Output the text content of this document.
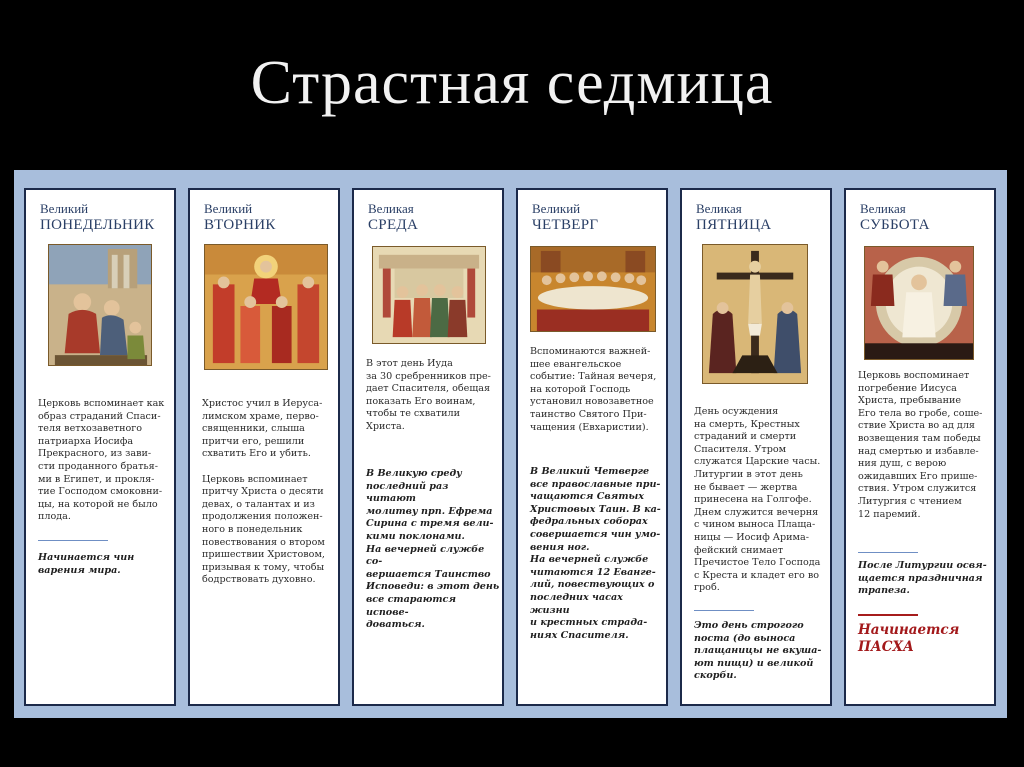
Страстная седмица
Великий
ПОНЕДЕЛЬНИК
Церковь вспоминает как
образ страданий Спаси-
теля ветхозаветного
патриарха Иосифа
Прекрасного, из зави-
сти проданного братья-
ми в Египет, и прокля-
тие Господом смоковни-
цы, на которой не было
плода.
Начинается чин
варения мира.
Великий
ВТОРНИК
Христос учил в Иеруса-
лимском храме, перво-
священники, слыша
притчи его, решили
схватить Его и убить.

Церковь вспоминает
притчу Христа о десяти
девах, о талантах и из
продолжения положен-
ного в понедельник
повествования о втором
пришествии Христовом,
призывая к тому, чтобы
бодрствовать духовно.
Великая
СРЕДА
В этот день Иуда
за 30 сребренников пре-
дает Спасителя, обещая
показать Его воинам,
чтобы те схватили
Христа.
В Великую среду
последний раз читают
молитву прп. Ефрема
Сирина с тремя вели-
кими поклонами.
На вечерней службе со-
вершается Таинство
Исповеди: в этот день
все стараются испове-
доваться.
Великий
ЧЕТВЕРГ
Вспоминаются важней-
шее евангельское
событие: Тайная вечеря,
на которой Господь
установил новозаветное
таинство Святого При-
чащения (Евхаристии).
В Великий Четверге
все православные при-
чащаются Святых
Христовых Таин. В ка-
федральных соборах
совершается чин умо-
вения ног.
На вечерней службе
читаются 12 Еванге-
лий, повествующих о
последних часах
жизни
и крестных страда-
ниях Спасителя.
Великая
ПЯТНИЦА
День осуждения
на смерть, Крестных
страданий и смерти
Спасителя. Утром
служатся Царские часы.
Литургии в этот день
не бывает — жертва
принесена на Голгофе.
Днем служится вечерня
с чином выноса Плаща-
ницы — Иосиф Арима-
фейский снимает
Пречистое Тело Господа
с Креста и кладет его во
гроб.
Это день строгого
поста (до выноса
плащаницы не вкуша-
ют пищи) и великой
скорби.
Великая
СУББОТА
Церковь воспоминает
погребение Иисуса
Христа, пребывание
Его тела во гробе, соше-
ствие Христа во ад для
возвещения там победы
над смертью и избавле-
ния душ, с верою
ожидавших Его прише-
ствия. Утром служится
Литургия с чтением
12 паремий.
После Литургии освя-
щается праздничная
трапеза.
Начинается
ПАСХА
